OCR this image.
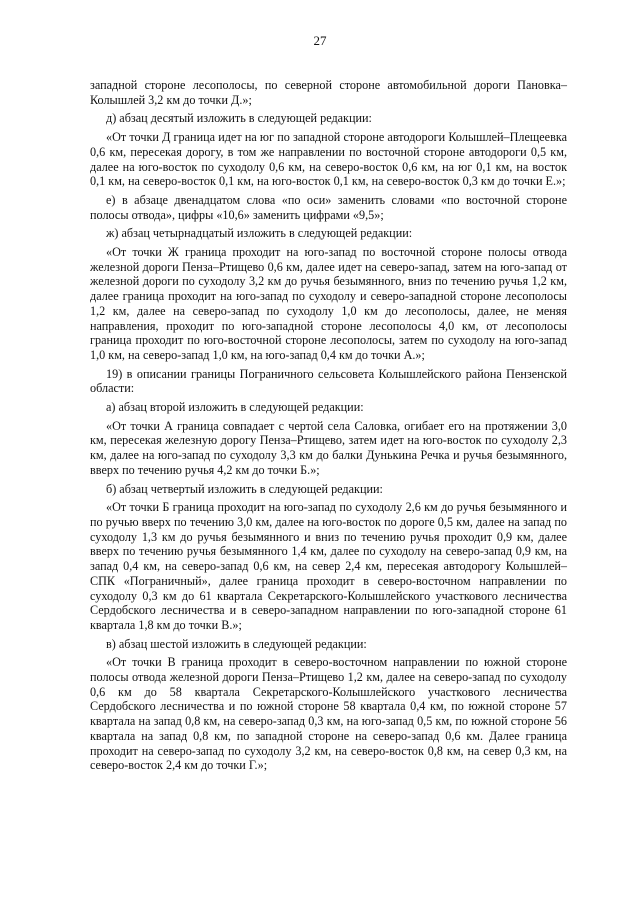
27

западной стороне лесополосы, по северной стороне автомобильной дороги Пановка–Колышлей 3,2 км до точки Д.»;

д) абзац десятый изложить в следующей редакции:

«От точки Д граница идет на юг по западной стороне автодороги Колышлей–Плещеевка 0,6 км, пересекая дорогу, в том же направлении по восточной стороне автодороги 0,5 км, далее на юго-восток по суходолу 0,6 км, на северо-восток 0,6 км, на юг 0,1 км, на восток 0,1 км, на северо-восток 0,1 км, на юго-восток 0,1 км, на северо-восток 0,3 км до точки Е.»;

е) в абзаце двенадцатом слова «по оси» заменить словами «по восточной стороне полосы отвода», цифры «10,6» заменить цифрами «9,5»;

ж) абзац четырнадцатый изложить в следующей редакции:

«От точки Ж граница проходит на юго-запад по восточной стороне полосы отвода железной дороги Пенза–Ртищево 0,6 км, далее идет на северо-запад, затем на юго-запад от железной дороги по суходолу 3,2 км до ручья безымянного, вниз по течению ручья 1,2 км, далее граница проходит на юго-запад по суходолу и северо-западной стороне лесополосы 1,2 км, далее на северо-запад по суходолу 1,0 км до лесополосы, далее, не меняя направления, проходит по юго-западной стороне лесополосы 4,0 км, от лесополосы граница проходит по юго-восточной стороне лесополосы, затем по суходолу на юго-запад 1,0 км, на северо-запад 1,0 км, на юго-запад 0,4 км до точки А.»;

19) в описании границы Пограничного сельсовета Колышлейского района Пензенской области:

а) абзац второй изложить в следующей редакции:

«От точки А граница совпадает с чертой села Саловка, огибает его на протяжении 3,0 км, пересекая железную дорогу Пенза–Ртищево, затем идет на юго-восток по суходолу 2,3 км, далее на юго-запад по суходолу 3,3 км до балки Дунькина Речка и ручья безымянного, вверх по течению ручья 4,2 км до точки Б.»;

б) абзац четвертый изложить в следующей редакции:

«От точки Б граница проходит на юго-запад по суходолу 2,6 км до ручья безымянного и по ручью вверх по течению 3,0 км, далее на юго-восток по дороге 0,5 км, далее на запад по суходолу 1,3 км до ручья безымянного и вниз по течению ручья проходит 0,9 км, далее вверх по течению ручья безымянного 1,4 км, далее по суходолу на северо-запад 0,9 км, на запад 0,4 км, на северо-запад 0,6 км, на север 2,4 км, пересекая автодорогу Колышлей–СПК «Пограничный», далее граница проходит в северо-восточном направлении по суходолу 0,3 км до 61 квартала Секретарского-Колышлейского участкового лесничества Сердобского лесничества и в северо-западном направлении по юго-западной стороне 61 квартала 1,8 км до точки В.»;

в) абзац шестой изложить в следующей редакции:

«От точки В граница проходит в северо-восточном направлении по южной стороне полосы отвода железной дороги Пенза–Ртищево 1,2 км, далее на северо-запад по суходолу 0,6 км до 58 квартала Секретарского-Колышлейского участкового лесничества Сердобского лесничества и по южной стороне 58 квартала 0,4 км, по южной стороне 57 квартала на запад 0,8 км, на северо-запад 0,3 км, на юго-запад 0,5 км, по южной стороне 56 квартала на запад 0,8 км, по западной стороне на северо-запад 0,6 км. Далее граница проходит на северо-запад по суходолу 3,2 км, на северо-восток 0,8 км, на север 0,3 км, на северо-восток 2,4 км до точки Г.»;
